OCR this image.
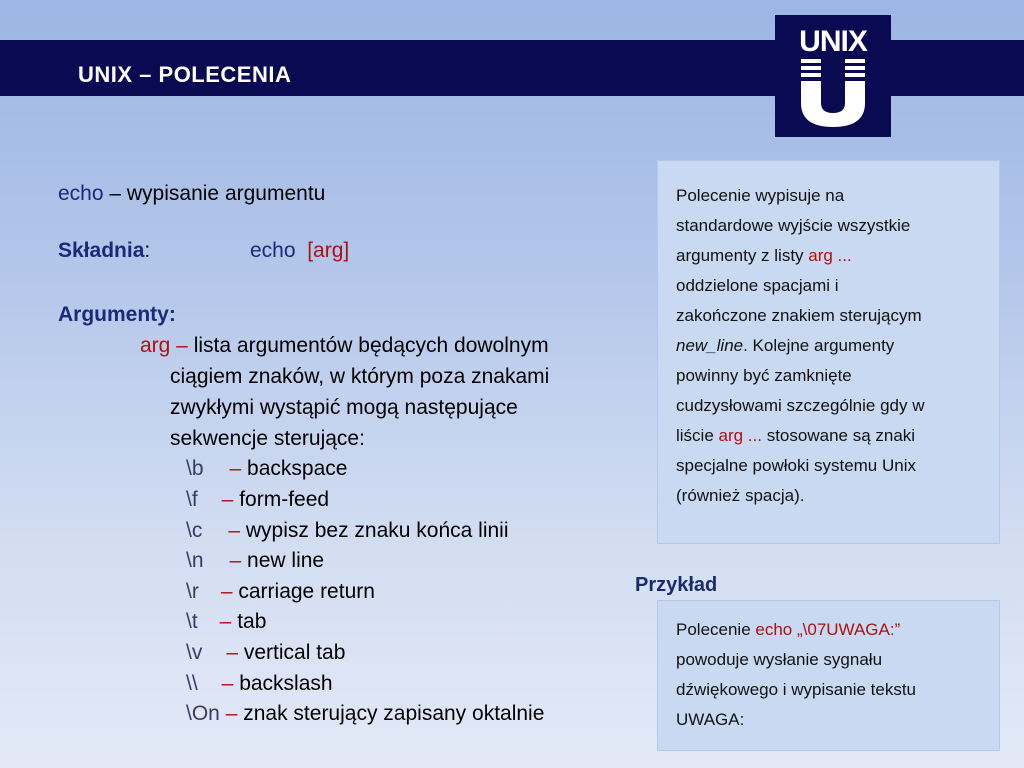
UNIX – POLECENIA
UNIX
echo – wypisanie argumentu
Składnia:	echo [arg]
Argumenty:
arg – lista argumentów będących dowolnym
ciągiem znaków, w którym poza znakami
zwykłymi wystąpić mogą następujące
sekwencje sterujące:
\b – backspace
\f – form-feed
\c – wypisz bez znaku końca linii
\n – new line
\r – carriage return
\t – tab
\v – vertical tab
\\ – backslash
\On – znak sterujący zapisany oktalnie
Polecenie wypisuje na
standardowe wyjście wszystkie
argumenty z listy arg ...
oddzielone spacjami i
zakończone znakiem sterującym
new_line. Kolejne argumenty
powinny być zamknięte
cudzysłowami szczególnie gdy w
liście arg ... stosowane są znaki
specjalne powłoki systemu Unix
(również spacja).
Przykład
Polecenie echo „\07UWAGA:”
powoduje wysłanie sygnału
dźwiękowego i wypisanie tekstu
UWAGA:
